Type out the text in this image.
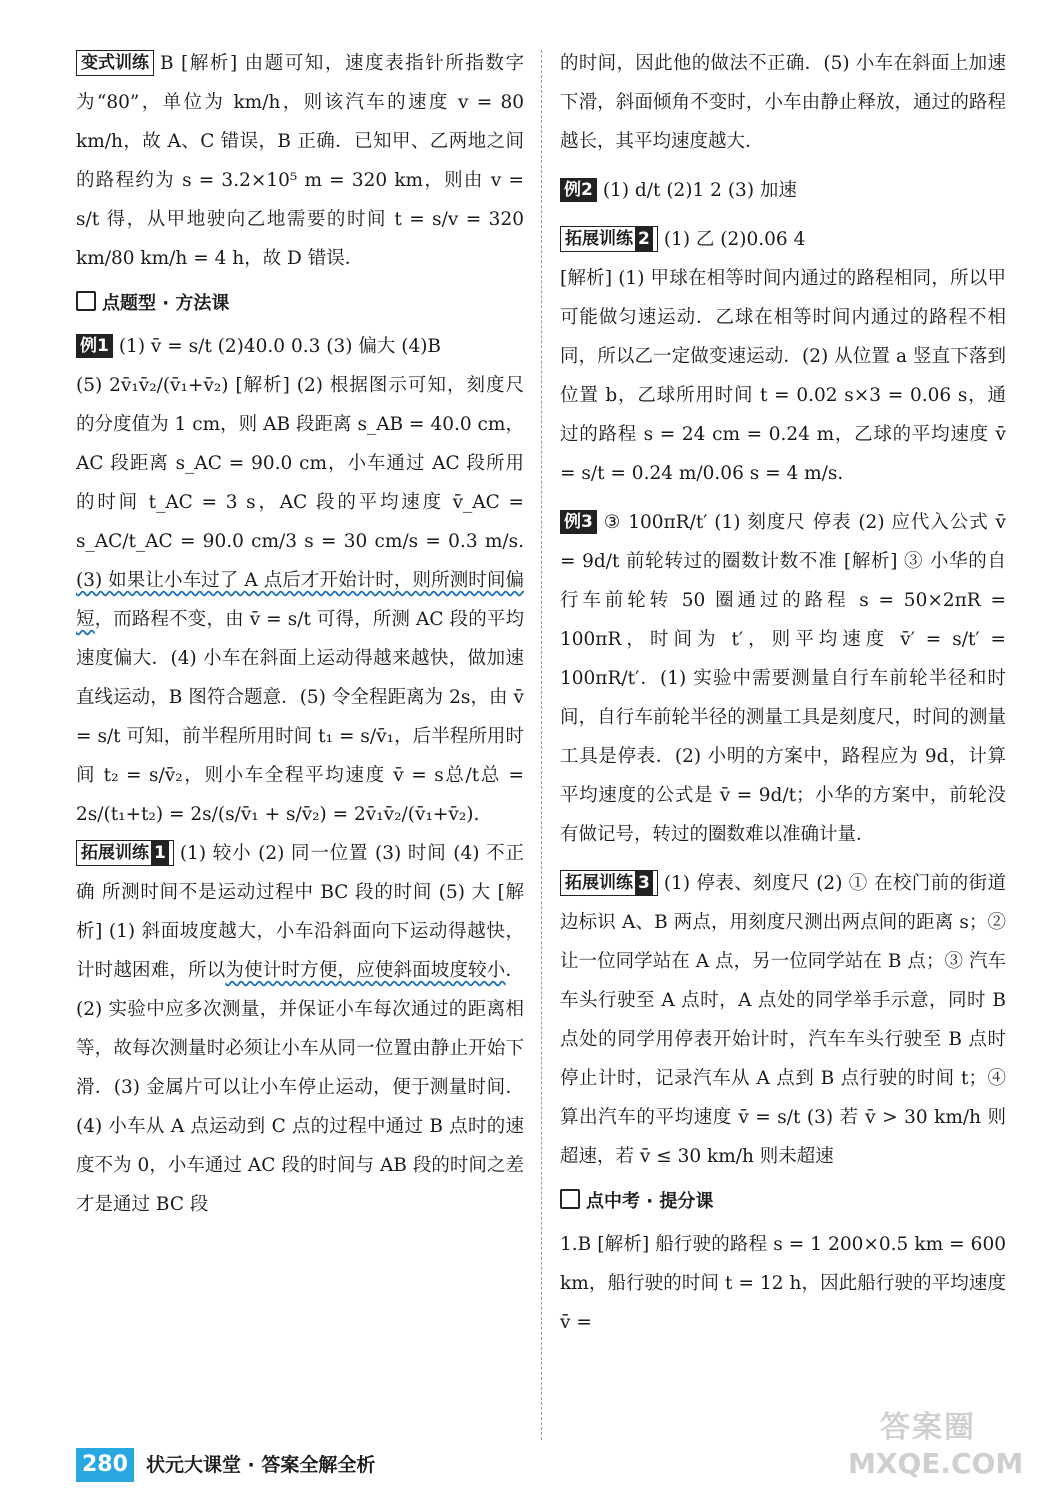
变式训练 B [解析] 由题可知，速度表指针所指数字为“80”，单位为 km/h，则该汽车的速度 v = 80 km/h，故 A、C 错误，B 正确．已知甲、乙两地之间的路程约为 s = 3.2×10⁵ m = 320 km，则由 v = s/t 得，从甲地驶向乙地需要的时间 t = s/v = 320 km/80 km/h = 4 h，故 D 错误．

点题型 · 方法课

例1 (1) v̄ = s/t (2)40.0 0.3 (3) 偏大 (4)B

(5) 2v̄₁v̄₂/(v̄₁+v̄₂) [解析] (2) 根据图示可知，刻度尺的分度值为 1 cm，则 AB 段距离 s_AB = 40.0 cm，AC 段距离 s_AC = 90.0 cm，小车通过 AC 段所用的时间 t_AC = 3 s，AC 段的平均速度 v̄_AC = s_AC/t_AC = 90.0 cm/3 s = 30 cm/s = 0.3 m/s. (3) 如果让小车过了 A 点后才开始计时，则所测时间偏短，而路程不变，由 v̄ = s/t 可得，所测 AC 段的平均速度偏大．(4) 小车在斜面上运动得越来越快，做加速直线运动，B 图符合题意．(5) 令全程距离为 2s，由 v̄ = s/t 可知，前半程所用时间 t₁ = s/v̄₁，后半程所用时间 t₂ = s/v̄₂，则小车全程平均速度 v̄ = s总/t总 = 2s/(t₁+t₂) = 2s/(s/v̄₁ + s/v̄₂) = 2v̄₁v̄₂/(v̄₁+v̄₂).

拓展训练 1 (1) 较小 (2) 同一位置 (3) 时间 (4) 不正确 所测时间不是运动过程中 BC 段的时间 (5) 大 [解析] (1) 斜面坡度越大，小车沿斜面向下运动得越快，计时越困难，所以为使计时方便，应使斜面坡度较小．(2) 实验中应多次测量，并保证小车每次通过的距离相等，故每次测量时必须让小车从同一位置由静止开始下滑．(3) 金属片可以让小车停止运动，便于测量时间．(4) 小车从 A 点运动到 C 点的过程中通过 B 点时的速度不为 0，小车通过 AC 段的时间与 AB 段的时间之差才是通过 BC 段

的时间，因此他的做法不正确．(5) 小车在斜面上加速下滑，斜面倾角不变时，小车由静止释放，通过的路程越长，其平均速度越大．

例2 (1) d/t (2)1 2 (3) 加速

拓展训练 2 (1) 乙 (2)0.06 4

[解析] (1) 甲球在相等时间内通过的路程相同，所以甲可能做匀速运动．乙球在相等时间内通过的路程不相同，所以乙一定做变速运动．(2) 从位置 a 竖直下落到位置 b，乙球所用时间 t = 0.02 s×3 = 0.06 s，通过的路程 s = 24 cm = 0.24 m，乙球的平均速度 v̄ = s/t = 0.24 m/0.06 s = 4 m/s.

例3 ③ 100πR/t′ (1) 刻度尺 停表 (2) 应代入公式 v̄ = 9d/t 前轮转过的圈数计数不准 [解析] ③ 小华的自行车前轮转 50 圈通过的路程 s = 50×2πR = 100πR，时间为 t′，则平均速度 v̄′ = s/t′ = 100πR/t′．(1) 实验中需要测量自行车前轮半径和时间，自行车前轮半径的测量工具是刻度尺，时间的测量工具是停表．(2) 小明的方案中，路程应为 9d，计算平均速度的公式是 v̄ = 9d/t；小华的方案中，前轮没有做记号，转过的圈数难以准确计量．

拓展训练 3 (1) 停表、刻度尺 (2) ① 在校门前的街道边标识 A、B 两点，用刻度尺测出两点间的距离 s；② 让一位同学站在 A 点，另一位同学站在 B 点；③ 汽车车头行驶至 A 点时，A 点处的同学举手示意，同时 B 点处的同学用停表开始计时，汽车车头行驶至 B 点时停止计时，记录汽车从 A 点到 B 点行驶的时间 t；④ 算出汽车的平均速度 v̄ = s/t (3) 若 v̄ > 30 km/h 则超速，若 v̄ ≤ 30 km/h 则未超速

点中考 · 提分课

1.B [解析] 船行驶的路程 s = 1 200×0.5 km = 600 km，船行驶的时间 t = 12 h，因此船行驶的平均速度 v̄ =

280 状元大课堂 · 答案全解全析
答案圈
MXQE.COM
